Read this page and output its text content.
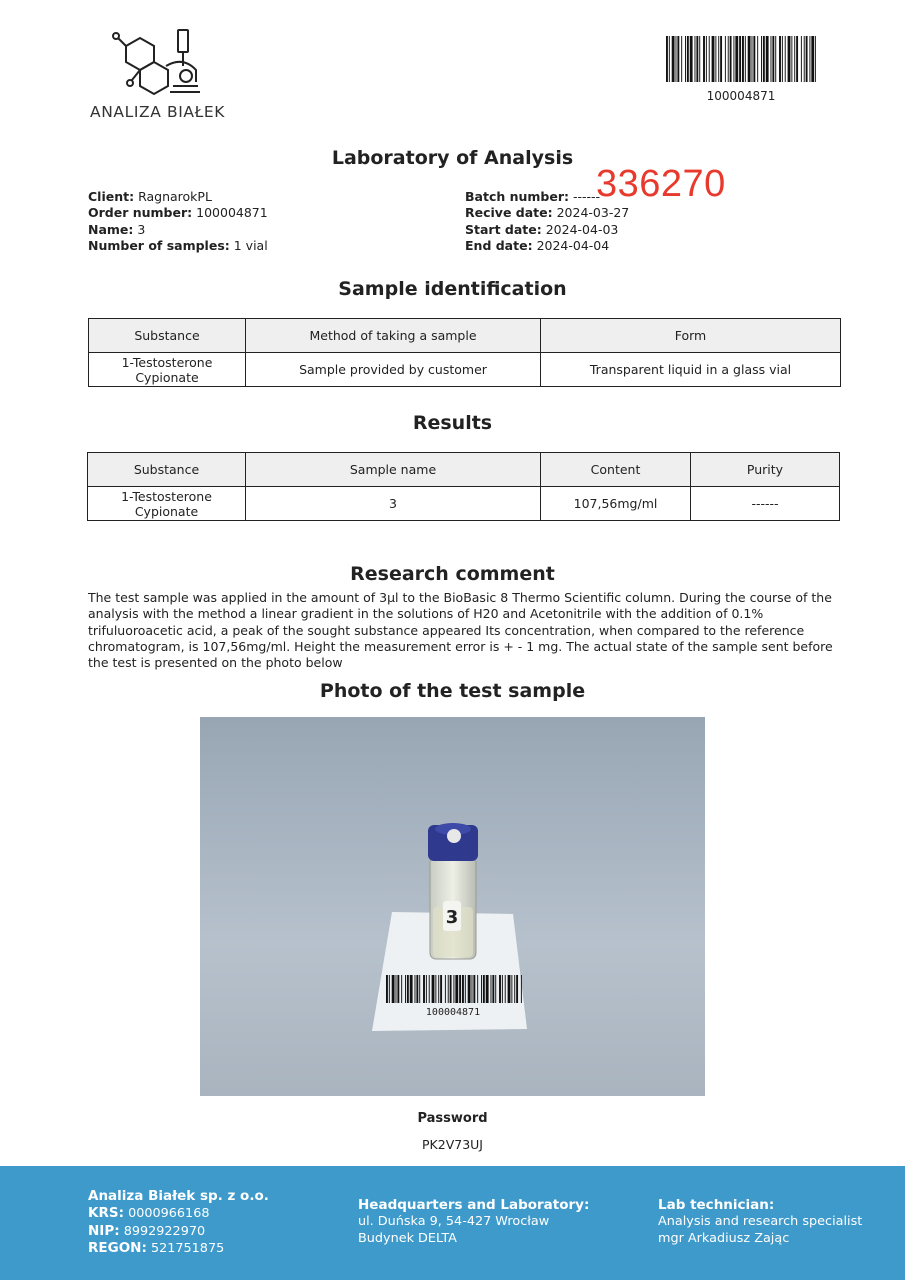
ANALIZA BIAŁEK
100004871
Laboratory of Analysis
Client: RagnarokPL
Order number: 100004871
Name: 3
Number of samples: 1 vial
Batch number: ------
Recive date: 2024-03-27
Start date: 2024-04-03
End date: 2024-04-04
336270
Sample identification
Substance	Method of taking a sample	Form
1-Testosterone Cypionate	Sample provided by customer	Transparent liquid in a glass vial
Results
Substance	Sample name	Content	Purity
1-Testosterone Cypionate	3	107,56mg/ml	------
Research comment
The test sample was applied in the amount of 3µl to the BioBasic 8 Thermo Scientific column. During the course of the analysis with the method a linear gradient in the solutions of H20 and Acetonitrile with the addition of 0.1% trifuluoroacetic acid, a peak of the sought substance appeared Its concentration, when compared to the reference chromatogram, is 107,56mg/ml. Height the measurement error is + - 1 mg. The actual state of the sample sent before the test is presented on the photo below
Photo of the test sample
3
100004871
Password
PK2V73UJ
Analiza Białek sp. z o.o.
KRS: 0000966168
NIP: 8992922970
REGON: 521751875
Headquarters and Laboratory:
ul. Duńska 9, 54-427 Wrocław
Budynek DELTA
Lab technician:
Analysis and research specialist
mgr Arkadiusz Zając
